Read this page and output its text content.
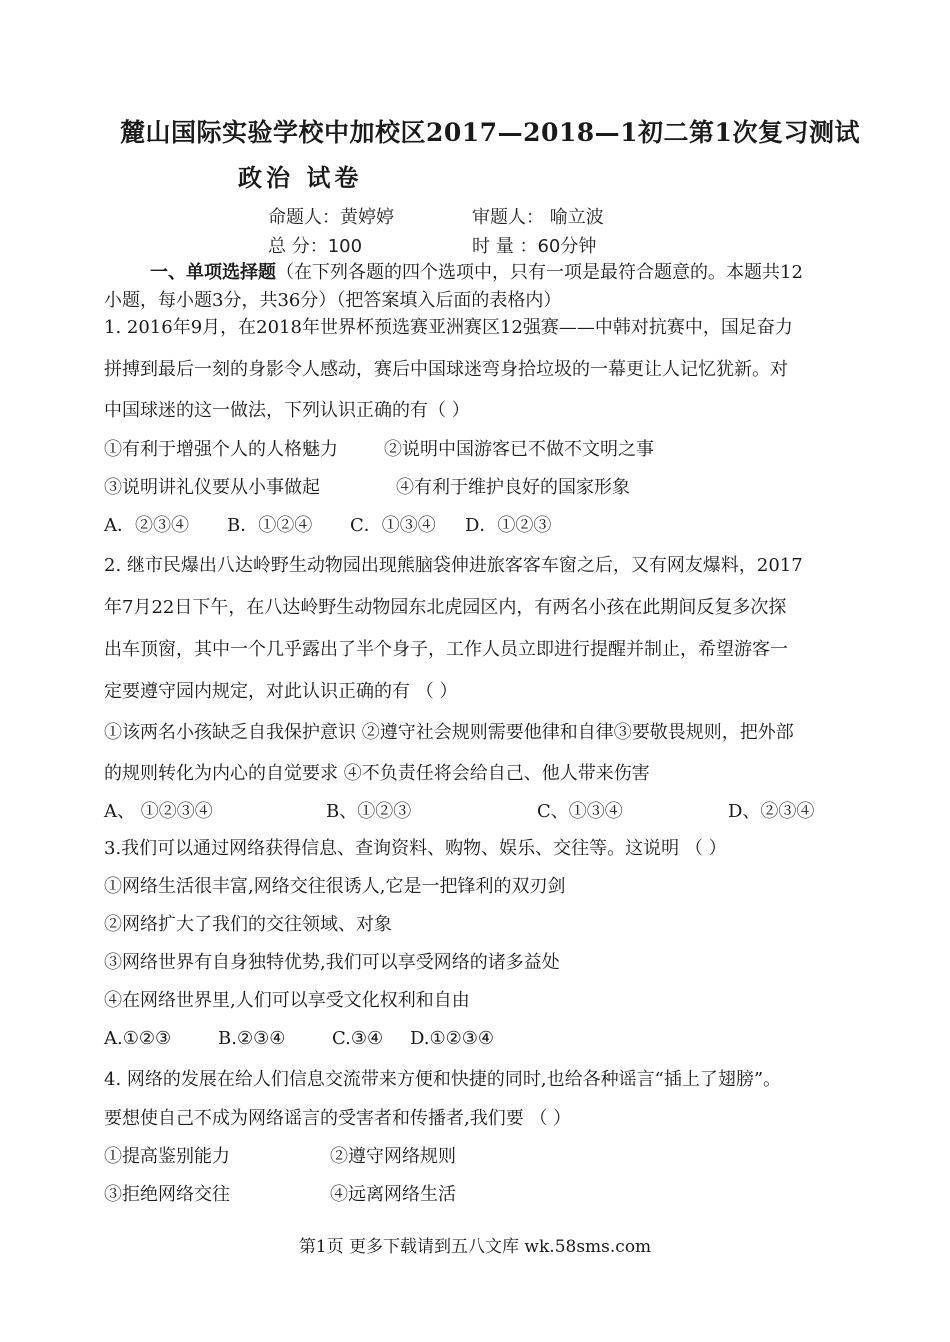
麓山国际实验学校中加校区2017—2018—1初二第1次复习测试
政治 试卷
命题人：黄婷婷	审题人： 喻立波
总 分：100	时 量 ：60分钟
一、单项选择题（在下列各题的四个选项中，只有一项是最符合题意的。本题共12
小题，每小题3分，共36分）（把答案填入后面的表格内）
1. 2016年9月，在2018年世界杯预选赛亚洲赛区12强赛——中韩对抗赛中，国足奋力
拼搏到最后一刻的身影令人感动，赛后中国球迷弯身拾垃圾的一幕更让人记忆犹新。对
中国球迷的这一做法，下列认识正确的有（ ）
①有利于增强个人的人格魅力	②说明中国游客已不做不文明之事
③说明讲礼仪要从小事做起	④有利于维护良好的国家形象
A．②③④ B．①②④ C．①③④ D．①②③
2. 继市民爆出八达岭野生动物园出现熊脑袋伸进旅客客车窗之后，又有网友爆料，2017
年7月22日下午，在八达岭野生动物园东北虎园区内，有两名小孩在此期间反复多次探
出车顶窗，其中一个几乎露出了半个身子，工作人员立即进行提醒并制止，希望游客一
定要遵守园内规定，对此认识正确的有 （ ）
①该两名小孩缺乏自我保护意识 ②遵守社会规则需要他律和自律③要敬畏规则，把外部
的规则转化为内心的自觉要求 ④不负责任将会给自己、他人带来伤害
A、 ①②③④	B、①②③	C、①③④	D、②③④
3.我们可以通过网络获得信息、查询资料、购物、娱乐、交往等。这说明 （ ）
①网络生活很丰富,网络交往很诱人,它是一把锋利的双刃剑
②网络扩大了我们的交往领域、对象
③网络世界有自身独特优势,我们可以享受网络的诸多益处
④在网络世界里,人们可以享受文化权利和自由
A.①②③	B.②③④	C.③④ D.①②③④
4. 网络的发展在给人们信息交流带来方便和快捷的同时,也给各种谣言“插上了翅膀”。
要想使自己不成为网络谣言的受害者和传播者,我们要 （ ）
①提高鉴别能力	②遵守网络规则
③拒绝网络交往	④远离网络生活
第1页 更多下载请到五八文库 wk.58sms.com
